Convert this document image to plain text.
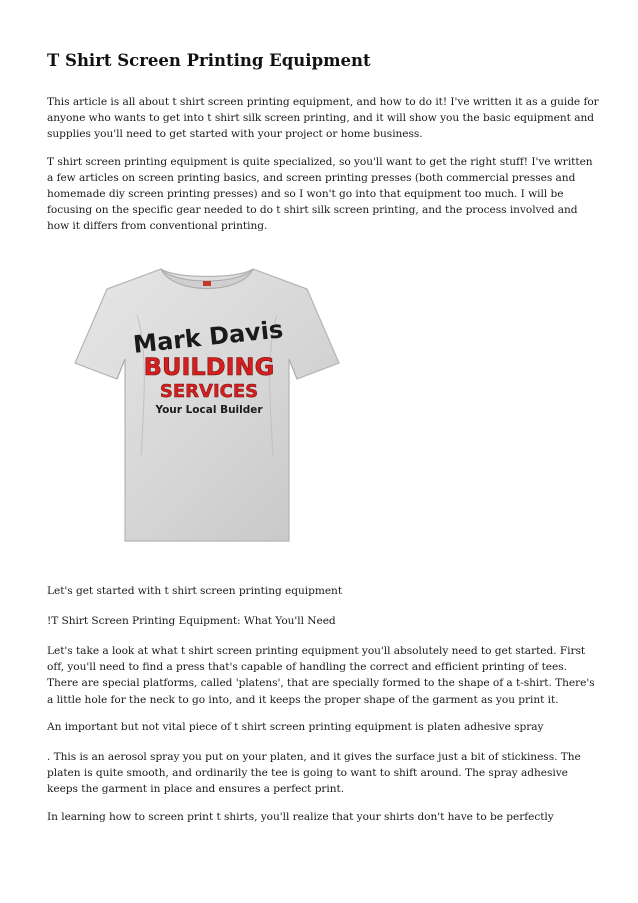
T Shirt Screen Printing Equipment

This article is all about t shirt screen printing equipment, and how to do it! I've written it as a guide for anyone who wants to get into t shirt silk screen printing, and it will show you the basic equipment and supplies you'll need to get started with your project or home business.

T shirt screen printing equipment is quite specialized, so you'll want to get the right stuff! I've written a few articles on screen printing basics, and screen printing presses (both commercial presses and homemade diy screen printing presses) and so I won't go into that equipment too much. I will be focusing on the specific gear needed to do t shirt silk screen printing, and the process involved and how it differs from conventional printing.

Mark Davis
BUILDING
SERVICES
Your Local Builder

Let's get started with t shirt screen printing equipment

!T Shirt Screen Printing Equipment: What You'll Need

Let's take a look at what t shirt screen printing equipment you'll absolutely need to get started. First off, you'll need to find a press that's capable of handling the correct and efficient printing of tees. There are special platforms, called 'platens', that are specially formed to the shape of a t-shirt. There's a little hole for the neck to go into, and it keeps the proper shape of the garment as you print it.

An important but not vital piece of t shirt screen printing equipment is platen adhesive spray

. This is an aerosol spray you put on your platen, and it gives the surface just a bit of stickiness. The platen is quite smooth, and ordinarily the tee is going to want to shift around. The spray adhesive keeps the garment in place and ensures a perfect print.

In learning how to screen print t shirts, you'll realize that your shirts don't have to be perfectly
